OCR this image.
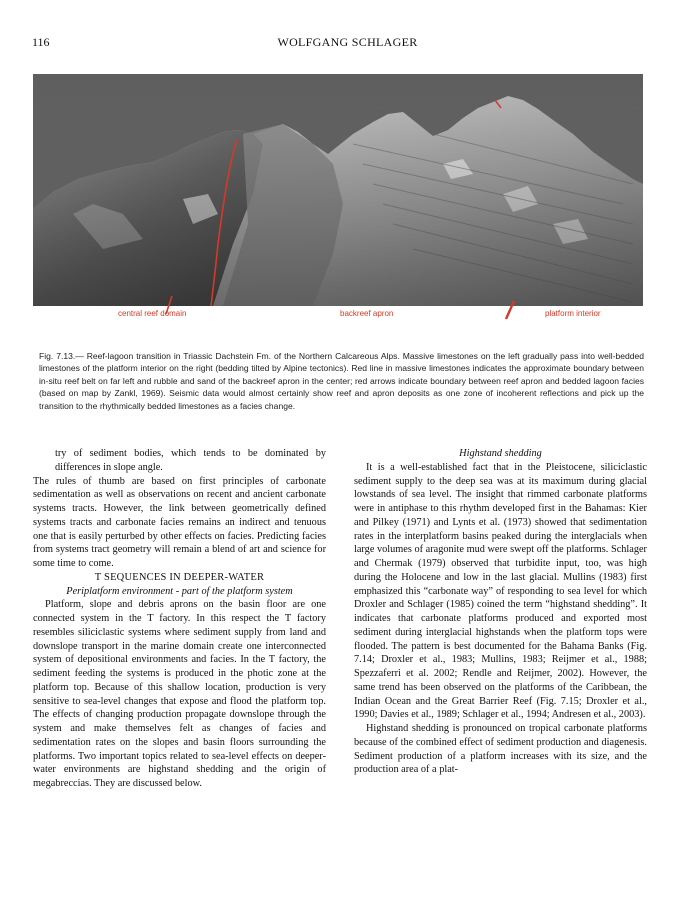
116	WOLFGANG SCHLAGER
central reef domain	backreef apron	platform interior
Fig. 7.13.— Reef-lagoon transition in Triassic Dachstein Fm. of the Northern Calcareous Alps. Massive limestones on the left gradually pass into well-bedded limestones of the platform interior on the right (bedding tilted by Alpine tectonics). Red line in massive limestones indicates the approximate boundary between in-situ reef belt on far left and rubble and sand of the backreef apron in the center; red arrows indicate boundary between reef apron and bedded lagoon facies (based on map by Zankl, 1969). Seismic data would almost certainly show reef and apron deposits as one zone of incoherent reflections and pick up the transition to the rhythmically bedded limestones as a facies change.

try of sediment bodies, which tends to be dominated by differences in slope angle.

The rules of thumb are based on first principles of carbonate sedimentation as well as observations on recent and ancient carbonate systems tracts. However, the link between geometrically defined systems tracts and carbonate facies remains an indirect and tenuous one that is easily perturbed by other effects on facies. Predicting facies from systems tract geometry will remain a blend of art and science for some time to come.

T SEQUENCES IN DEEPER-WATER

Periplatform environment - part of the platform system

Platform, slope and debris aprons on the basin floor are one connected system in the T factory. In this respect the T factory resembles siliciclastic systems where sediment supply from land and downslope transport in the marine domain create one interconnected system of depositional environments and facies. In the T factory, the sediment feeding the systems is produced in the photic zone at the platform top. Because of this shallow location, production is very sensitive to sea-level changes that expose and flood the platform top. The effects of changing production propagate downslope through the system and make themselves felt as changes of facies and sedimentation rates on the slopes and basin floors surrounding the platforms. Two important topics related to sea-level effects on deeper-water environments are highstand shedding and the origin of megabreccias. They are discussed below.

Highstand shedding

It is a well-established fact that in the Pleistocene, siliciclastic sediment supply to the deep sea was at its maximum during glacial lowstands of sea level. The insight that rimmed carbonate platforms were in antiphase to this rhythm developed first in the Bahamas: Kier and Pilkey (1971) and Lynts et al. (1973) showed that sedimentation rates in the interplatform basins peaked during the interglacials when large volumes of aragonite mud were swept off the platforms. Schlager and Chermak (1979) observed that turbidite input, too, was high during the Holocene and low in the last glacial. Mullins (1983) first emphasized this “carbonate way” of responding to sea level for which Droxler and Schlager (1985) coined the term “highstand shedding”. It indicates that carbonate platforms produced and exported most sediment during interglacial highstands when the platform tops were flooded. The pattern is best documented for the Bahama Banks (Fig. 7.14; Droxler et al., 1983; Mullins, 1983; Reijmer et al., 1988; Spezzaferri et al. 2002; Rendle and Reijmer, 2002). However, the same trend has been observed on the platforms of the Caribbean, the Indian Ocean and the Great Barrier Reef (Fig. 7.15; Droxler et al., 1990; Davies et al., 1989; Schlager et al., 1994; Andresen et al., 2003).

Highstand shedding is pronounced on tropical carbonate platforms because of the combined effect of sediment production and diagenesis. Sediment production of a platform increases with its size, and the production area of a plat-
